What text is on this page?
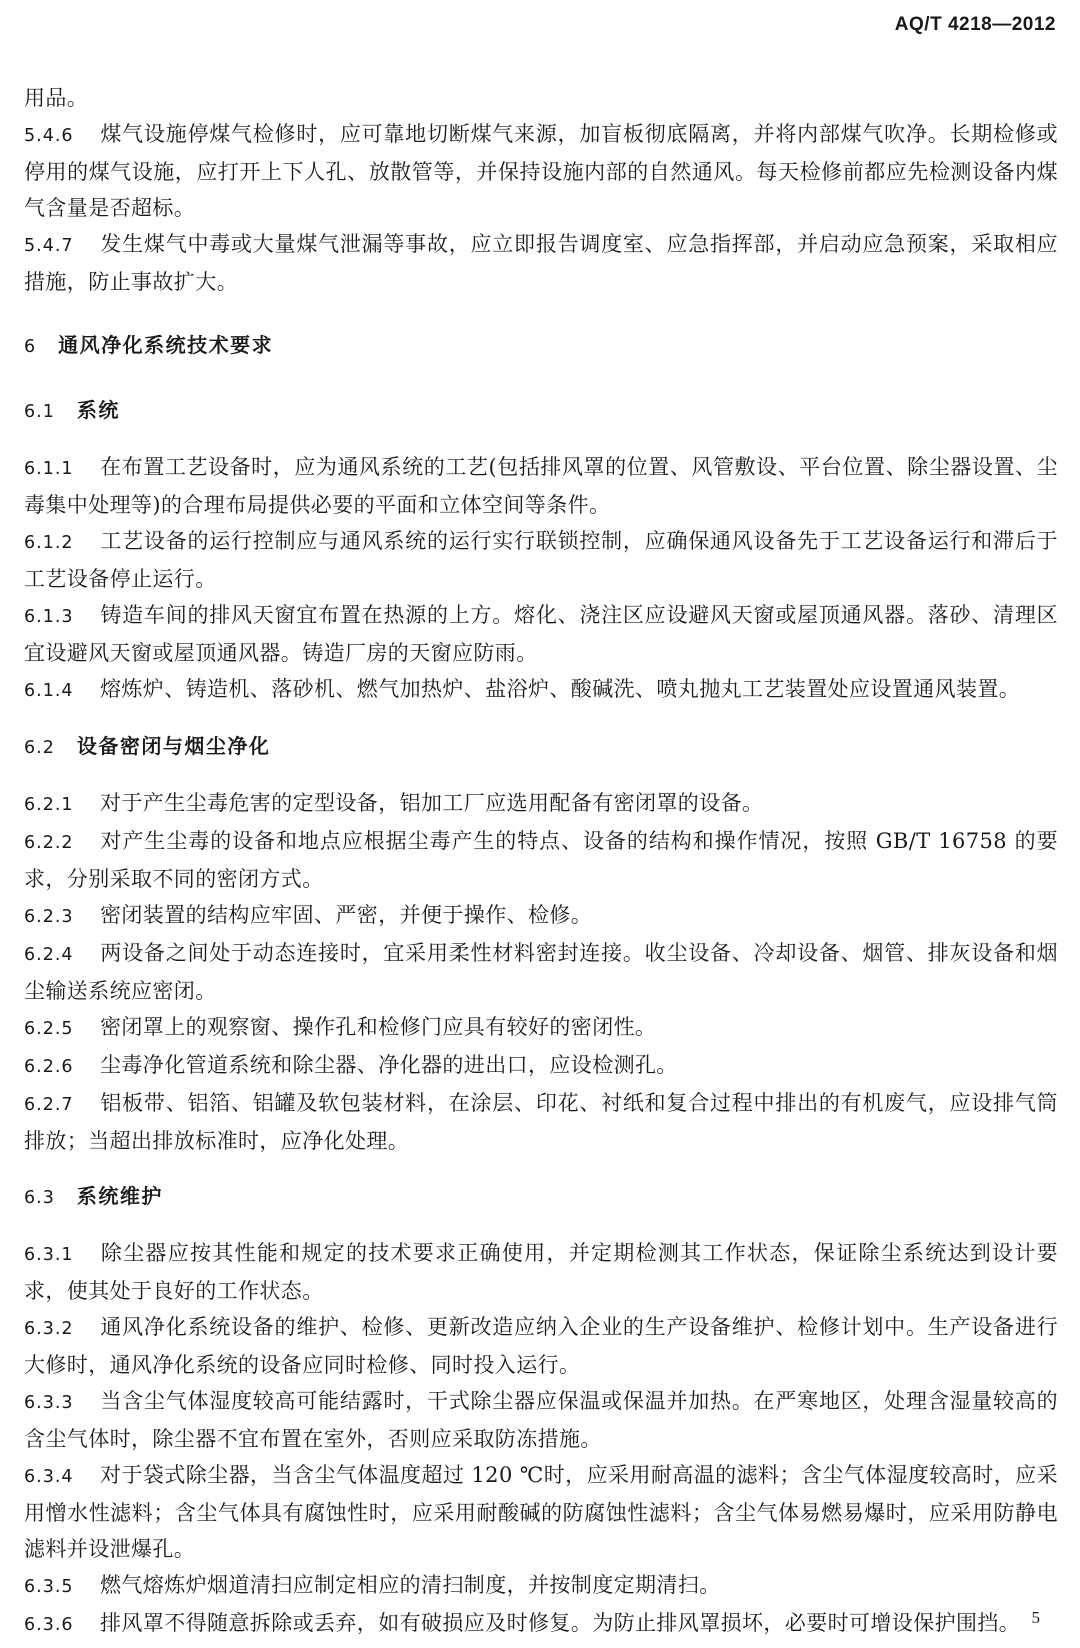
AQ/T 4218—2012

用品。

5.4.6 煤气设施停煤气检修时，应可靠地切断煤气来源，加盲板彻底隔离，并将内部煤气吹净。长期检修或停用的煤气设施，应打开上下人孔、放散管等，并保持设施内部的自然通风。每天检修前都应先检测设备内煤气含量是否超标。

5.4.7 发生煤气中毒或大量煤气泄漏等事故，应立即报告调度室、应急指挥部，并启动应急预案，采取相应措施，防止事故扩大。

6 通风净化系统技术要求

6.1 系统

6.1.1 在布置工艺设备时，应为通风系统的工艺(包括排风罩的位置、风管敷设、平台位置、除尘器设置、尘毒集中处理等)的合理布局提供必要的平面和立体空间等条件。

6.1.2 工艺设备的运行控制应与通风系统的运行实行联锁控制，应确保通风设备先于工艺设备运行和滞后于工艺设备停止运行。

6.1.3 铸造车间的排风天窗宜布置在热源的上方。熔化、浇注区应设避风天窗或屋顶通风器。落砂、清理区宜设避风天窗或屋顶通风器。铸造厂房的天窗应防雨。

6.1.4 熔炼炉、铸造机、落砂机、燃气加热炉、盐浴炉、酸碱洗、喷丸抛丸工艺装置处应设置通风装置。

6.2 设备密闭与烟尘净化

6.2.1 对于产生尘毒危害的定型设备，铝加工厂应选用配备有密闭罩的设备。

6.2.2 对产生尘毒的设备和地点应根据尘毒产生的特点、设备的结构和操作情况，按照 GB/T 16758 的要求，分别采取不同的密闭方式。

6.2.3 密闭装置的结构应牢固、严密，并便于操作、检修。

6.2.4 两设备之间处于动态连接时，宜采用柔性材料密封连接。收尘设备、冷却设备、烟管、排灰设备和烟尘输送系统应密闭。

6.2.5 密闭罩上的观察窗、操作孔和检修门应具有较好的密闭性。

6.2.6 尘毒净化管道系统和除尘器、净化器的进出口，应设检测孔。

6.2.7 铝板带、铝箔、铝罐及软包装材料，在涂层、印花、衬纸和复合过程中排出的有机废气，应设排气筒排放；当超出排放标准时，应净化处理。

6.3 系统维护

6.3.1 除尘器应按其性能和规定的技术要求正确使用，并定期检测其工作状态，保证除尘系统达到设计要求，使其处于良好的工作状态。

6.3.2 通风净化系统设备的维护、检修、更新改造应纳入企业的生产设备维护、检修计划中。生产设备进行大修时，通风净化系统的设备应同时检修、同时投入运行。

6.3.3 当含尘气体湿度较高可能结露时，干式除尘器应保温或保温并加热。在严寒地区，处理含湿量较高的含尘气体时，除尘器不宜布置在室外，否则应采取防冻措施。

6.3.4 对于袋式除尘器，当含尘气体温度超过 120 ℃时，应采用耐高温的滤料；含尘气体湿度较高时，应采用憎水性滤料；含尘气体具有腐蚀性时，应采用耐酸碱的防腐蚀性滤料；含尘气体易燃易爆时，应采用防静电滤料并设泄爆孔。

6.3.5 燃气熔炼炉烟道清扫应制定相应的清扫制度，并按制度定期清扫。

6.3.6 排风罩不得随意拆除或丢弃，如有破损应及时修复。为防止排风罩损坏，必要时可增设保护围挡。 5
